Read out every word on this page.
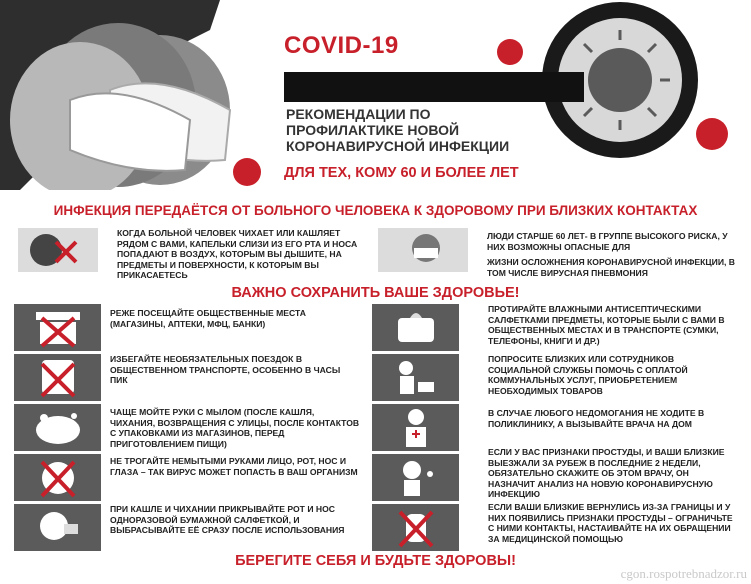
COVID-19
РЕКОМЕНДАЦИИ ПО
ПРОФИЛАКТИКЕ НОВОЙ
КОРОНАВИРУСНОЙ ИНФЕКЦИИ
ДЛЯ ТЕХ, КОМУ 60 И БОЛЕЕ ЛЕТ
ИНФЕКЦИЯ ПЕРЕДАЁТСЯ ОТ БОЛЬНОГО ЧЕЛОВЕКА К ЗДОРОВОМУ ПРИ БЛИЗКИХ КОНТАКТАХ
КОГДА БОЛЬНОЙ ЧЕЛОВЕК ЧИХАЕТ ИЛИ КАШЛЯЕТ РЯДОМ С ВАМИ, КАПЕЛЬКИ СЛИЗИ ИЗ ЕГО РТА И НОСА ПОПАДАЮТ В ВОЗДУХ, КОТОРЫМ ВЫ ДЫШИТЕ, НА ПРЕДМЕТЫ И ПОВЕРХНОСТИ, К КОТОРЫМ ВЫ ПРИКАСАЕТЕСЬ
ЛЮДИ СТАРШЕ 60 ЛЕТ- В ГРУППЕ ВЫСОКОГО РИСКА, У НИХ ВОЗМОЖНЫ ОПАСНЫЕ ДЛЯ
ЖИЗНИ ОСЛОЖНЕНИЯ КОРОНАВИРУСНОЙ ИНФЕКЦИИ, В ТОМ ЧИСЛЕ ВИРУСНАЯ ПНЕВМОНИЯ
ВАЖНО СОХРАНИТЬ ВАШЕ ЗДОРОВЬЕ!
РЕЖЕ ПОСЕЩАЙТЕ ОБЩЕСТВЕННЫЕ МЕСТА (МАГАЗИНЫ, АПТЕКИ, МФЦ, БАНКИ)
ИЗБЕГАЙТЕ НЕОБЯЗАТЕЛЬНЫХ ПОЕЗДОК В ОБЩЕСТВЕННОМ ТРАНСПОРТЕ, ОСОБЕННО В ЧАСЫ ПИК
ЧАЩЕ МОЙТЕ РУКИ С МЫЛОМ (ПОСЛЕ КАШЛЯ, ЧИХАНИЯ, ВОЗВРАЩЕНИЯ С УЛИЦЫ, ПОСЛЕ КОНТАКТОВ С УПАКОВКАМИ ИЗ МАГАЗИНОВ, ПЕРЕД ПРИГОТОВЛЕНИЕМ ПИЩИ)
НЕ ТРОГАЙТЕ НЕМЫТЫМИ РУКАМИ ЛИЦО, РОТ, НОС И ГЛАЗА – ТАК ВИРУС МОЖЕТ ПОПАСТЬ В ВАШ ОРГАНИЗМ
ПРИ КАШЛЕ И ЧИХАНИИ ПРИКРЫВАЙТЕ РОТ И НОС ОДНОРАЗОВОЙ БУМАЖНОЙ САЛФЕТКОЙ, И ВЫБРАСЫВАЙТЕ ЕЁ СРАЗУ ПОСЛЕ ИСПОЛЬЗОВАНИЯ
ПРОТИРАЙТЕ ВЛАЖНЫМИ АНТИСЕПТИЧЕСКИМИ САЛФЕТКАМИ ПРЕДМЕТЫ, КОТОРЫЕ БЫЛИ С ВАМИ В ОБЩЕСТВЕННЫХ МЕСТАХ И В ТРАНСПОРТЕ (СУМКИ, ТЕЛЕФОНЫ, КНИГИ И ДР.)
ПОПРОСИТЕ БЛИЗКИХ ИЛИ СОТРУДНИКОВ СОЦИАЛЬНОЙ СЛУЖБЫ ПОМОЧЬ С ОПЛАТОЙ КОММУНАЛЬНЫХ УСЛУГ, ПРИОБРЕТЕНИЕМ НЕОБХОДИМЫХ ТОВАРОВ
В СЛУЧАЕ ЛЮБОГО НЕДОМОГАНИЯ НЕ ХОДИТЕ В ПОЛИКЛИНИКУ, А ВЫЗЫВАЙТЕ ВРАЧА НА ДОМ
ЕСЛИ У ВАС ПРИЗНАКИ ПРОСТУДЫ, И ВАШИ БЛИЗКИЕ ВЫЕЗЖАЛИ ЗА РУБЕЖ В ПОСЛЕДНИЕ 2 НЕДЕЛИ, ОБЯЗАТЕЛЬНО СКАЖИТЕ ОБ ЭТОМ ВРАЧУ, ОН НАЗНАЧИТ АНАЛИЗ НА НОВУЮ КОРОНАВИРУСНУЮ ИНФЕКЦИЮ
ЕСЛИ ВАШИ БЛИЗКИЕ ВЕРНУЛИСЬ ИЗ-ЗА ГРАНИЦЫ И У НИХ ПОЯВИЛИСЬ ПРИЗНАКИ ПРОСТУДЫ – ОГРАНИЧЬТЕ С НИМИ КОНТАКТЫ, НАСТАИВАЙТЕ НА ИХ ОБРАЩЕНИИ ЗА МЕДИЦИНСКОЙ ПОМОЩЬЮ
БЕРЕГИТЕ СЕБЯ И БУДЬТЕ ЗДОРОВЫ!
cgon.rospotrebnadzor.ru
